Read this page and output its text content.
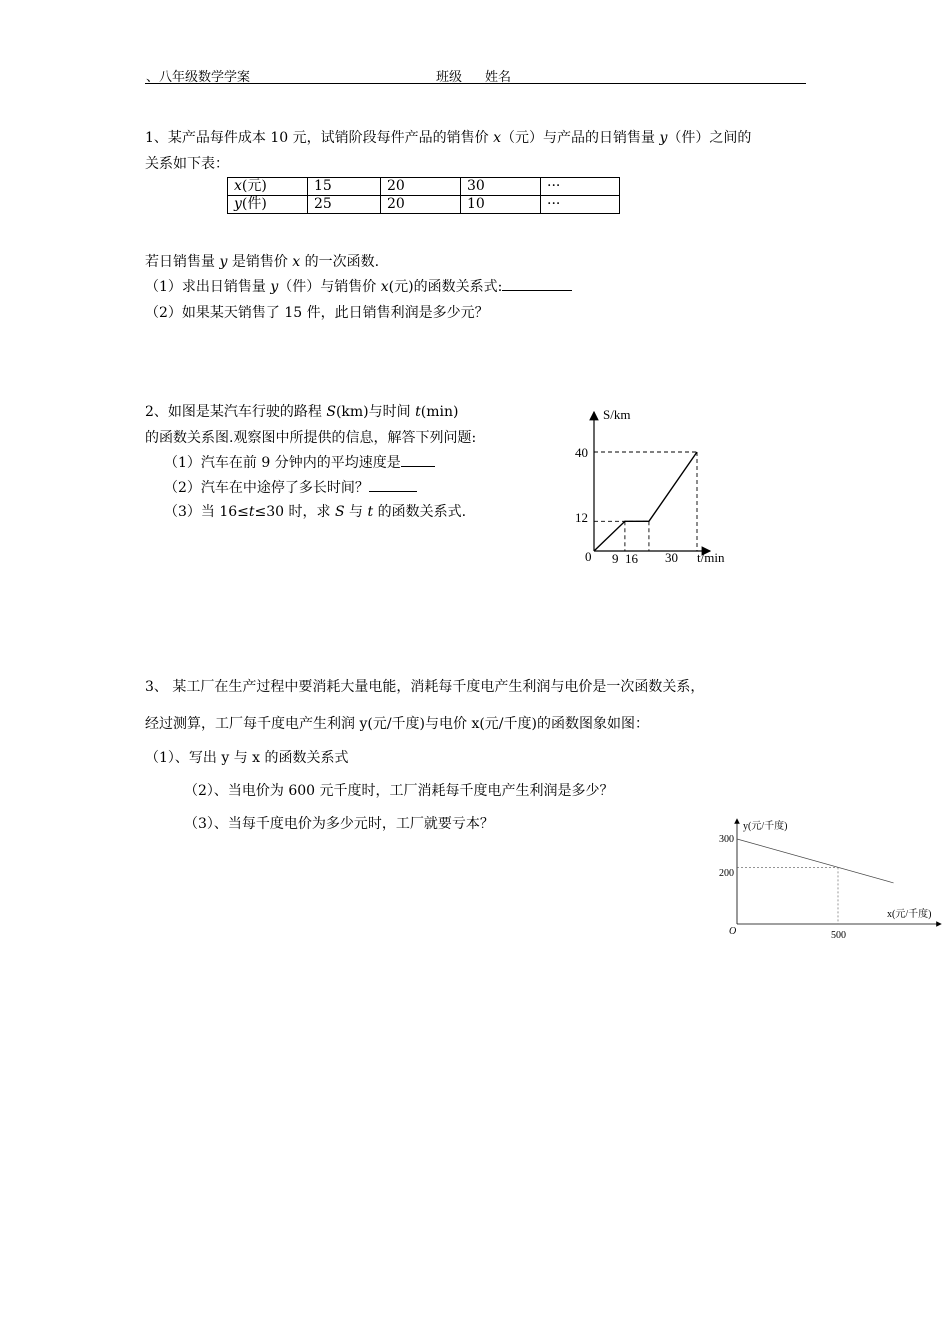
、八年级数学学案	班级 姓名
1、某产品每件成本 10 元，试销阶段每件产品的销售价 x（元）与产品的日销售量 y（件）之间的
关系如下表：
x(元)	15	20	30	···
y(件)	25	20	10	···
若日销售量 y 是销售价 x 的一次函数.
（1）求出日销售量 y（件）与销售价 x(元)的函数关系式:
（2）如果某天销售了 15 件，此日销售利润是多少元？
2、如图是某汽车行驶的路程 S(km)与时间 t(min)
的函数关系图.观察图中所提供的信息，解答下列问题:
（1）汽车在前 9 分钟内的平均速度是
（2）汽车在中途停了多长时间？
（3）当 16≤t≤30 时，求 S 与 t 的函数关系式.
S/km
t/min
40
12
0 9 16 30
3、 某工厂在生产过程中要消耗大量电能，消耗每千度电产生利润与电价是一次函数关系，
经过测算，工厂每千度电产生利润 y(元/千度)与电价 x(元/千度)的函数图象如图：
（1）、写出 y 与 x 的函数关系式
（2）、当电价为 600 元千度时，工厂消耗每千度电产生利润是多少？
（3）、当每千度电价为多少元时，工厂就要亏本？	y(元/千度)
x(元/千度)
300
200
O	500
